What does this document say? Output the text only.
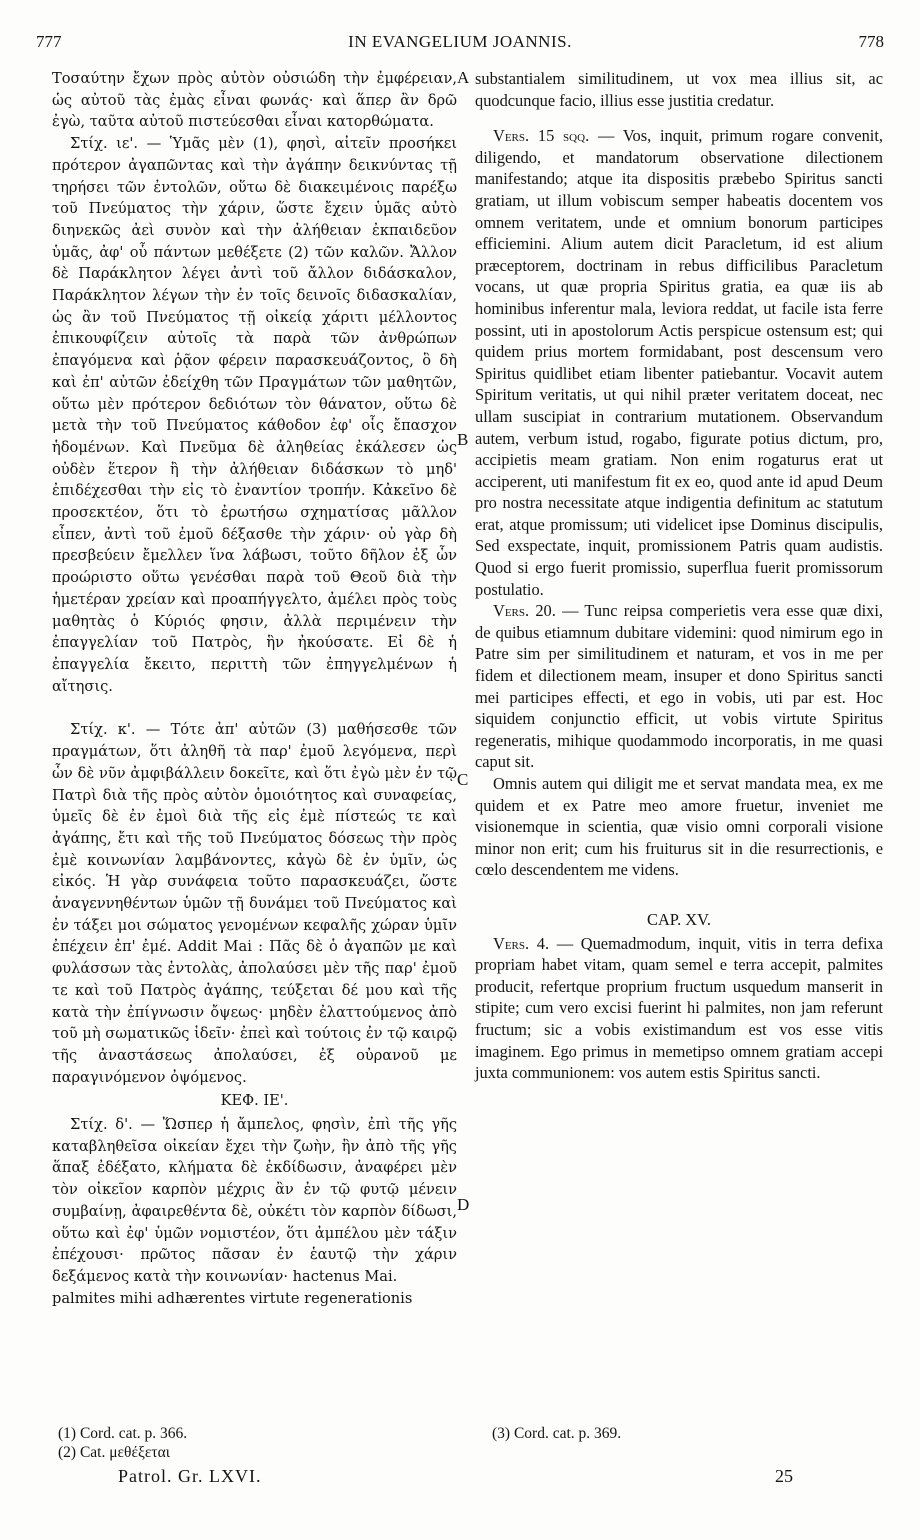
777	IN EVANGELIUM JOANNIS.	778
A
B
C
D

Τοσαύτην ἔχων πρὸς αὐτὸν οὐσιώδη τὴν ἐμφέρειαν, ὡς αὐτοῦ τὰς ἐμὰς εἶναι φωνάς· καὶ ἅπερ ἂν δρῶ ἐγὼ, ταῦτα αὐτοῦ πιστεύεσθαι εἶναι κατορθώματα.

Στίχ. ιε'. — Ὑμᾶς μὲν (1), φησὶ, αἰτεῖν προσήκει πρότερον ἀγαπῶντας καὶ τὴν ἀγάπην δεικνύντας τῇ τηρήσει τῶν ἐντολῶν, οὕτω δὲ διακειμένοις παρέξω τοῦ Πνεύματος τὴν χάριν, ὥστε ἔχειν ὑμᾶς αὐτὸ διηνεκῶς ἀεὶ συνὸν καὶ τὴν ἀλήθειαν ἐκπαιδεῦον ὑμᾶς, ἀφ' οὗ πάντων μεθέξετε (2) τῶν καλῶν. Ἄλλον δὲ Παράκλητον λέγει ἀντὶ τοῦ ἄλλον διδάσκαλον, Παράκλητον λέγων τὴν ἐν τοῖς δεινοῖς διδασκαλίαν, ὡς ἂν τοῦ Πνεύματος τῇ οἰκείᾳ χάριτι μέλλοντος ἐπικουφίζειν αὐτοῖς τὰ παρὰ τῶν ἀνθρώπων ἐπαγόμενα καὶ ῥᾷον φέρειν παρασκευάζοντος, ὃ δὴ καὶ ἐπ' αὐτῶν ἐδείχθη τῶν Πραγμάτων τῶν μαθητῶν, οὕτω μὲν πρότερον δεδιότων τὸν θάνατον, οὕτω δὲ μετὰ τὴν τοῦ Πνεύματος κάθοδον ἐφ' οἷς ἔπασχον ἡδομένων. Καὶ Πνεῦμα δὲ ἀληθείας ἐκάλεσεν ὡς οὐδὲν ἕτερον ἢ τὴν ἀλήθειαν διδάσκων τὸ μηδ' ἐπιδέχεσθαι τὴν εἰς τὸ ἐναντίον τροπήν. Κἀκεῖνο δὲ προσεκτέον, ὅτι τὸ ἐρωτήσω σχηματίσας μᾶλλον εἶπεν, ἀντὶ τοῦ ἐμοῦ δέξασθε τὴν χάριν· οὐ γὰρ δὴ πρεσβεύειν ἔμελλεν ἵνα λάβωσι, τοῦτο δῆλον ἐξ ὧν προώριστο οὕτω γενέσθαι παρὰ τοῦ Θεοῦ διὰ τὴν ἡμετέραν χρείαν καὶ προαπήγγελτο, ἀμέλει πρὸς τοὺς μαθητὰς ὁ Κύριός φησιν, ἀλλὰ περιμένειν τὴν ἐπαγγελίαν τοῦ Πατρὸς, ἣν ἠκούσατε. Εἰ δὲ ἡ ἐπαγγελία ἔκειτο, περιττὴ τῶν ἐπηγγελμένων ἡ αἴτησις.

Στίχ. κ'. — Τότε ἀπ' αὐτῶν (3) μαθήσεσθε τῶν πραγμάτων, ὅτι ἀληθῆ τὰ παρ' ἐμοῦ λεγόμενα, περὶ ὧν δὲ νῦν ἀμφιβάλλειν δοκεῖτε, καὶ ὅτι ἐγὼ μὲν ἐν τῷ Πατρὶ διὰ τῆς πρὸς αὐτὸν ὁμοιότητος καὶ συναφείας, ὑμεῖς δὲ ἐν ἐμοὶ διὰ τῆς εἰς ἐμὲ πίστεώς τε καὶ ἀγάπης, ἔτι καὶ τῆς τοῦ Πνεύματος δόσεως τὴν πρὸς ἐμὲ κοινωνίαν λαμβάνοντες, κἀγὼ δὲ ἐν ὑμῖν, ὡς εἰκός. Ἡ γὰρ συνάφεια τοῦτο παρασκευάζει, ὥστε ἀναγεννηθέντων ὑμῶν τῇ δυνάμει τοῦ Πνεύματος καὶ ἐν τάξει μοι σώματος γενομένων κεφαλῆς χώραν ὑμῖν ἐπέχειν ἐπ' ἐμέ. Addit Mai : Πᾶς δὲ ὁ ἀγαπῶν με καὶ φυλάσσων τὰς ἐντολὰς, ἀπολαύσει μὲν τῆς παρ' ἐμοῦ τε καὶ τοῦ Πατρὸς ἀγάπης, τεύξεται δέ μου καὶ τῆς κατὰ τὴν ἐπίγνωσιν ὄψεως· μηδὲν ἐλαττούμενος ἀπὸ τοῦ μὴ σωματικῶς ἰδεῖν· ἐπεὶ καὶ τούτοις ἐν τῷ καιρῷ τῆς ἀναστάσεως ἀπολαύσει, ἐξ οὐρανοῦ με παραγινόμενον ὀψόμενος.

ΚΕΦ. ΙΕ'.

Στίχ. δ'. — Ὥσπερ ἡ ἄμπελος, φησὶν, ἐπὶ τῆς γῆς καταβληθεῖσα οἰκείαν ἔχει τὴν ζωὴν, ἣν ἀπὸ τῆς γῆς ἅπαξ ἐδέξατο, κλήματα δὲ ἐκδίδωσιν, ἀναφέρει μὲν τὸν οἰκεῖον καρπὸν μέχρις ἂν ἐν τῷ φυτῷ μένειν συμβαίνῃ, ἀφαιρεθέντα δὲ, οὐκέτι τὸν καρπὸν δίδωσι, οὕτω καὶ ἐφ' ὑμῶν νομιστέον, ὅτι ἀμπέλου μὲν τάξιν ἐπέχουσι· πρῶτος πᾶσαν ἐν ἑαυτῷ τὴν χάριν δεξάμενος κατὰ τὴν κοινωνίαν· hactenus Mai.

palmites mihi adhærentes virtute regenerationis

substantialem similitudinem, ut vox mea illius sit, ac quodcunque facio, illius esse justitia credatur.

Vers. 15 sqq. — Vos, inquit, primum rogare convenit, diligendo, et mandatorum observatione dilectionem manifestando; atque ita dispositis præbebo Spiritus sancti gratiam, ut illum vobiscum semper habeatis docentem vos omnem veritatem, unde et omnium bonorum participes efficiemini. Alium autem dicit Paracletum, id est alium præceptorem, doctrinam in rebus difficilibus Paracletum vocans, ut quæ propria Spiritus gratia, ea quæ iis ab hominibus inferentur mala, leviora reddat, ut facile ista ferre possint, uti in apostolorum Actis perspicue ostensum est; qui quidem prius mortem formidabant, post descensum vero Spiritus quidlibet etiam libenter patiebantur. Vocavit autem Spiritum veritatis, ut qui nihil præter veritatem doceat, nec ullam suscipiat in contrarium mutationem. Observandum autem, verbum istud, rogabo, figurate potius dictum, pro, accipietis meam gratiam. Non enim rogaturus erat ut acciperent, uti manifestum fit ex eo, quod ante id apud Deum pro nostra necessitate atque indigentia definitum ac statutum erat, atque promissum; uti videlicet ipse Dominus discipulis, Sed exspectate, inquit, promissionem Patris quam audistis. Quod si ergo fuerit promissio, superflua fuerit promissorum postulatio.

Vers. 20. — Tunc reipsa comperietis vera esse quæ dixi, de quibus etiamnum dubitare videmini: quod nimirum ego in Patre sim per similitudinem et naturam, et vos in me per fidem et dilectionem meam, insuper et dono Spiritus sancti mei participes effecti, et ego in vobis, uti par est. Hoc siquidem conjunctio efficit, ut vobis virtute Spiritus regeneratis, mihique quodammodo incorporatis, in me quasi caput sit.

Omnis autem qui diligit me et servat mandata mea, ex me quidem et ex Patre meo amore fruetur, inveniet me visionemque in scientia, quæ visio omni corporali visione minor non erit; cum his fruiturus sit in die resurrectionis, e cœlo descendentem me videns.

CAP. XV.

Vers. 4. — Quemadmodum, inquit, vitis in terra defixa propriam habet vitam, quam semel e terra accepit, palmites producit, refertque proprium fructum usquedum manserit in stipite; cum vero excisi fuerint hi palmites, non jam referunt fructum; sic a vobis existimandum est vos esse vitis imaginem. Ego primus in memetipso omnem gratiam accepi juxta communionem: vos autem estis Spiritus sancti.

(1) Cord. cat. p. 366.
(2) Cat. μεθέξεται
(3) Cord. cat. p. 369.
Patrol. Gr. LXVI.	25
